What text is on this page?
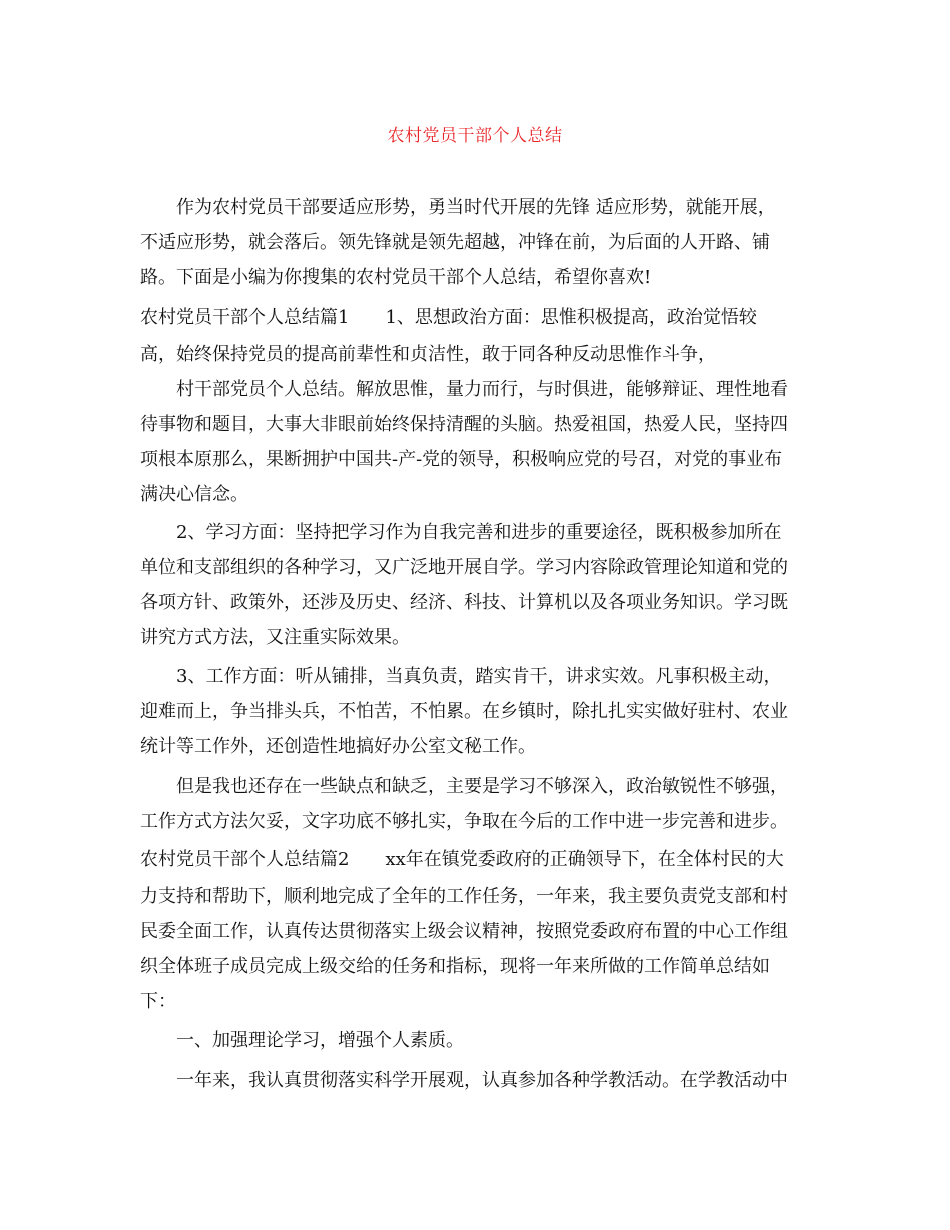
农村党员干部个人总结
作为农村党员干部要适应形势，勇当时代开展的先锋 适应形势，就能开展，
不适应形势，就会落后。领先锋就是领先超越，冲锋在前，为后面的人开路、铺
路。下面是小编为你搜集的农村党员干部个人总结，希望你喜欢!
农村党员干部个人总结篇1 1、思想政治方面：思惟积极提高，政治觉悟较
高，始终保持党员的提高前辈性和贞洁性，敢于同各种反动思惟作斗争，
村干部党员个人总结。解放思惟，量力而行，与时俱进，能够辩证、理性地看
待事物和题目，大事大非眼前始终保持清醒的头脑。热爱祖国，热爱人民，坚持四
项根本原那么，果断拥护中国共-产-党的领导，积极响应党的号召，对党的事业布
满决心信念。
2、学习方面：坚持把学习作为自我完善和进步的重要途径，既积极参加所在
单位和支部组织的各种学习，又广泛地开展自学。学习内容除政管理论知道和党的
各项方针、政策外，还涉及历史、经济、科技、计算机以及各项业务知识。学习既
讲究方式方法，又注重实际效果。
3、工作方面：听从铺排，当真负责，踏实肯干，讲求实效。凡事积极主动，
迎难而上，争当排头兵，不怕苦，不怕累。在乡镇时，除扎扎实实做好驻村、农业
统计等工作外，还创造性地搞好办公室文秘工作。
但是我也还存在一些缺点和缺乏，主要是学习不够深入，政治敏锐性不够强，
工作方式方法欠妥，文字功底不够扎实，争取在今后的工作中进一步完善和进步。
农村党员干部个人总结篇2 xx年在镇党委政府的正确领导下，在全体村民的大
力支持和帮助下，顺利地完成了全年的工作任务，一年来，我主要负责党支部和村
民委全面工作，认真传达贯彻落实上级会议精神，按照党委政府布置的中心工作组
织全体班子成员完成上级交给的任务和指标，现将一年来所做的工作简单总结如
下：
一、加强理论学习，增强个人素质。
一年来，我认真贯彻落实科学开展观，认真参加各种学教活动。在学教活动中
